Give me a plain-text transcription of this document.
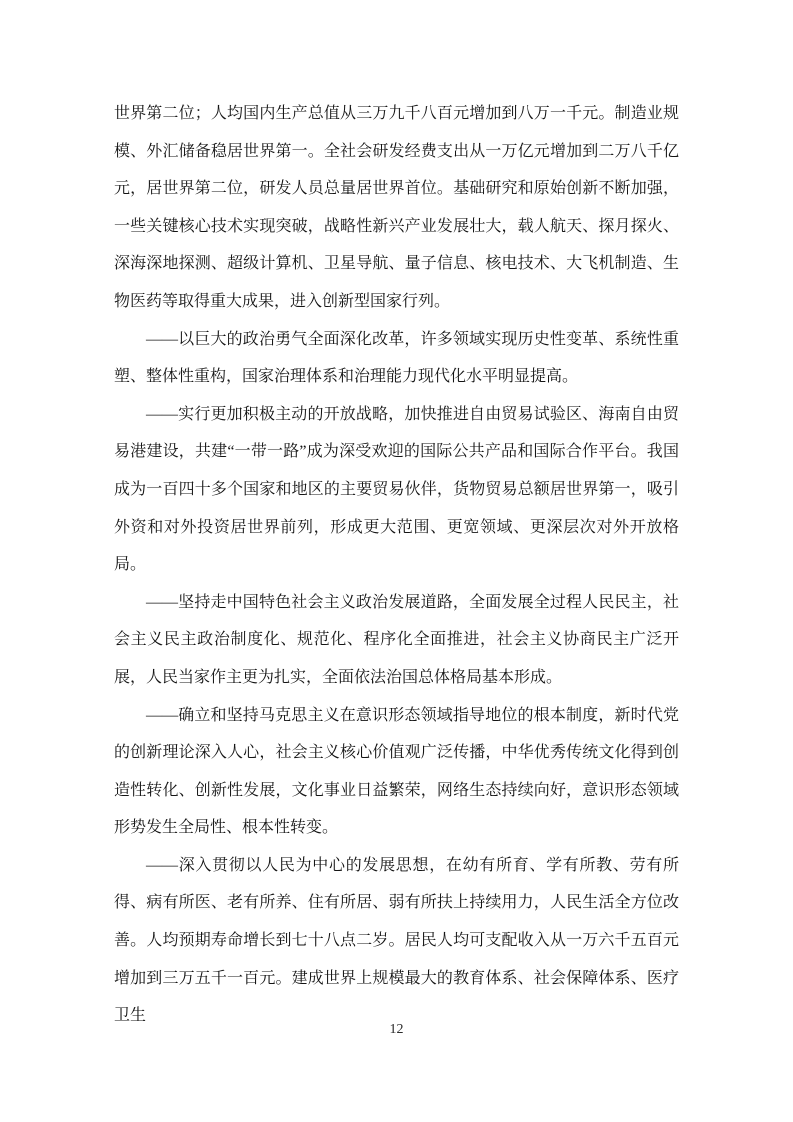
世界第二位；人均国内生产总值从三万九千八百元增加到八万一千元。制造业规模、外汇储备稳居世界第一。全社会研发经费支出从一万亿元增加到二万八千亿元，居世界第二位，研发人员总量居世界首位。基础研究和原始创新不断加强，一些关键核心技术实现突破，战略性新兴产业发展壮大，载人航天、探月探火、深海深地探测、超级计算机、卫星导航、量子信息、核电技术、大飞机制造、生物医药等取得重大成果，进入创新型国家行列。

——以巨大的政治勇气全面深化改革，许多领域实现历史性变革、系统性重塑、整体性重构，国家治理体系和治理能力现代化水平明显提高。

——实行更加积极主动的开放战略，加快推进自由贸易试验区、海南自由贸易港建设，共建“一带一路”成为深受欢迎的国际公共产品和国际合作平台。我国成为一百四十多个国家和地区的主要贸易伙伴，货物贸易总额居世界第一，吸引外资和对外投资居世界前列，形成更大范围、更宽领域、更深层次对外开放格局。

——坚持走中国特色社会主义政治发展道路，全面发展全过程人民民主，社会主义民主政治制度化、规范化、程序化全面推进，社会主义协商民主广泛开展，人民当家作主更为扎实，全面依法治国总体格局基本形成。

——确立和坚持马克思主义在意识形态领域指导地位的根本制度，新时代党的创新理论深入人心，社会主义核心价值观广泛传播，中华优秀传统文化得到创造性转化、创新性发展，文化事业日益繁荣，网络生态持续向好，意识形态领域形势发生全局性、根本性转变。

——深入贯彻以人民为中心的发展思想，在幼有所育、学有所教、劳有所得、病有所医、老有所养、住有所居、弱有所扶上持续用力，人民生活全方位改善。人均预期寿命增长到七十八点二岁。居民人均可支配收入从一万六千五百元增加到三万五千一百元。建成世界上规模最大的教育体系、社会保障体系、医疗卫生

12
